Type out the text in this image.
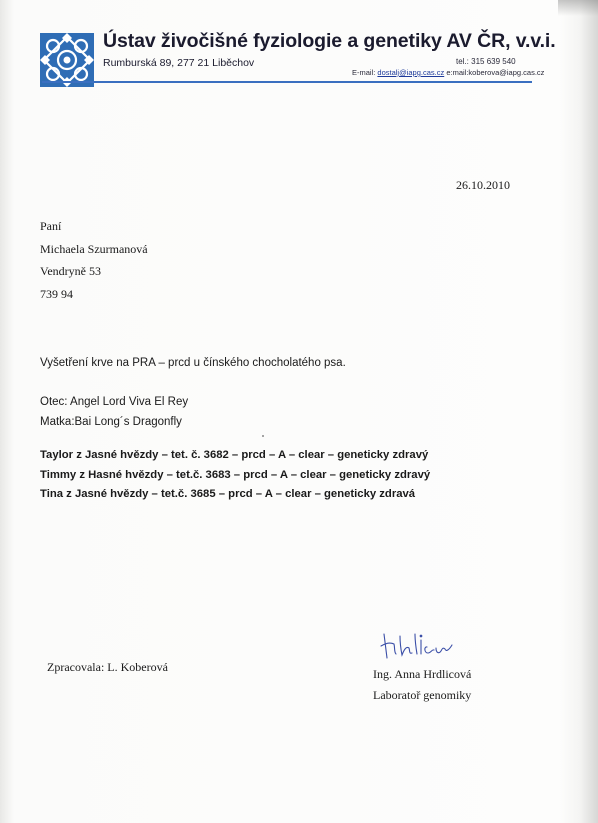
Ústav živočišné fyziologie a genetiky AV ČR, v.v.i.
Rumburská 89, 277 21 Liběchov	tel.: 315 639 540
E-mail: dostalj@iapg.cas.cz e:mail:koberova@iapg.cas.cz
26.10.2010
Paní
Michaela Szurmanová
Vendryně 53
739 94
Vyšetření krve na PRA – prcd u čínského chocholatého psa.
Otec: Angel Lord Viva El Rey
Matka:Bai Long´s Dragonfly
Taylor z Jasné hvězdy – tet. č. 3682 – prcd – A – clear – geneticky zdravý
Timmy z Hasné hvězdy – tet.č. 3683 – prcd – A – clear – geneticky zdravý
Tina z Jasné hvězdy – tet.č. 3685 – prcd – A – clear – geneticky zdravá
Zpracovala: L. Koberová	Ing. Anna Hrdlicová
Laboratoř genomiky
